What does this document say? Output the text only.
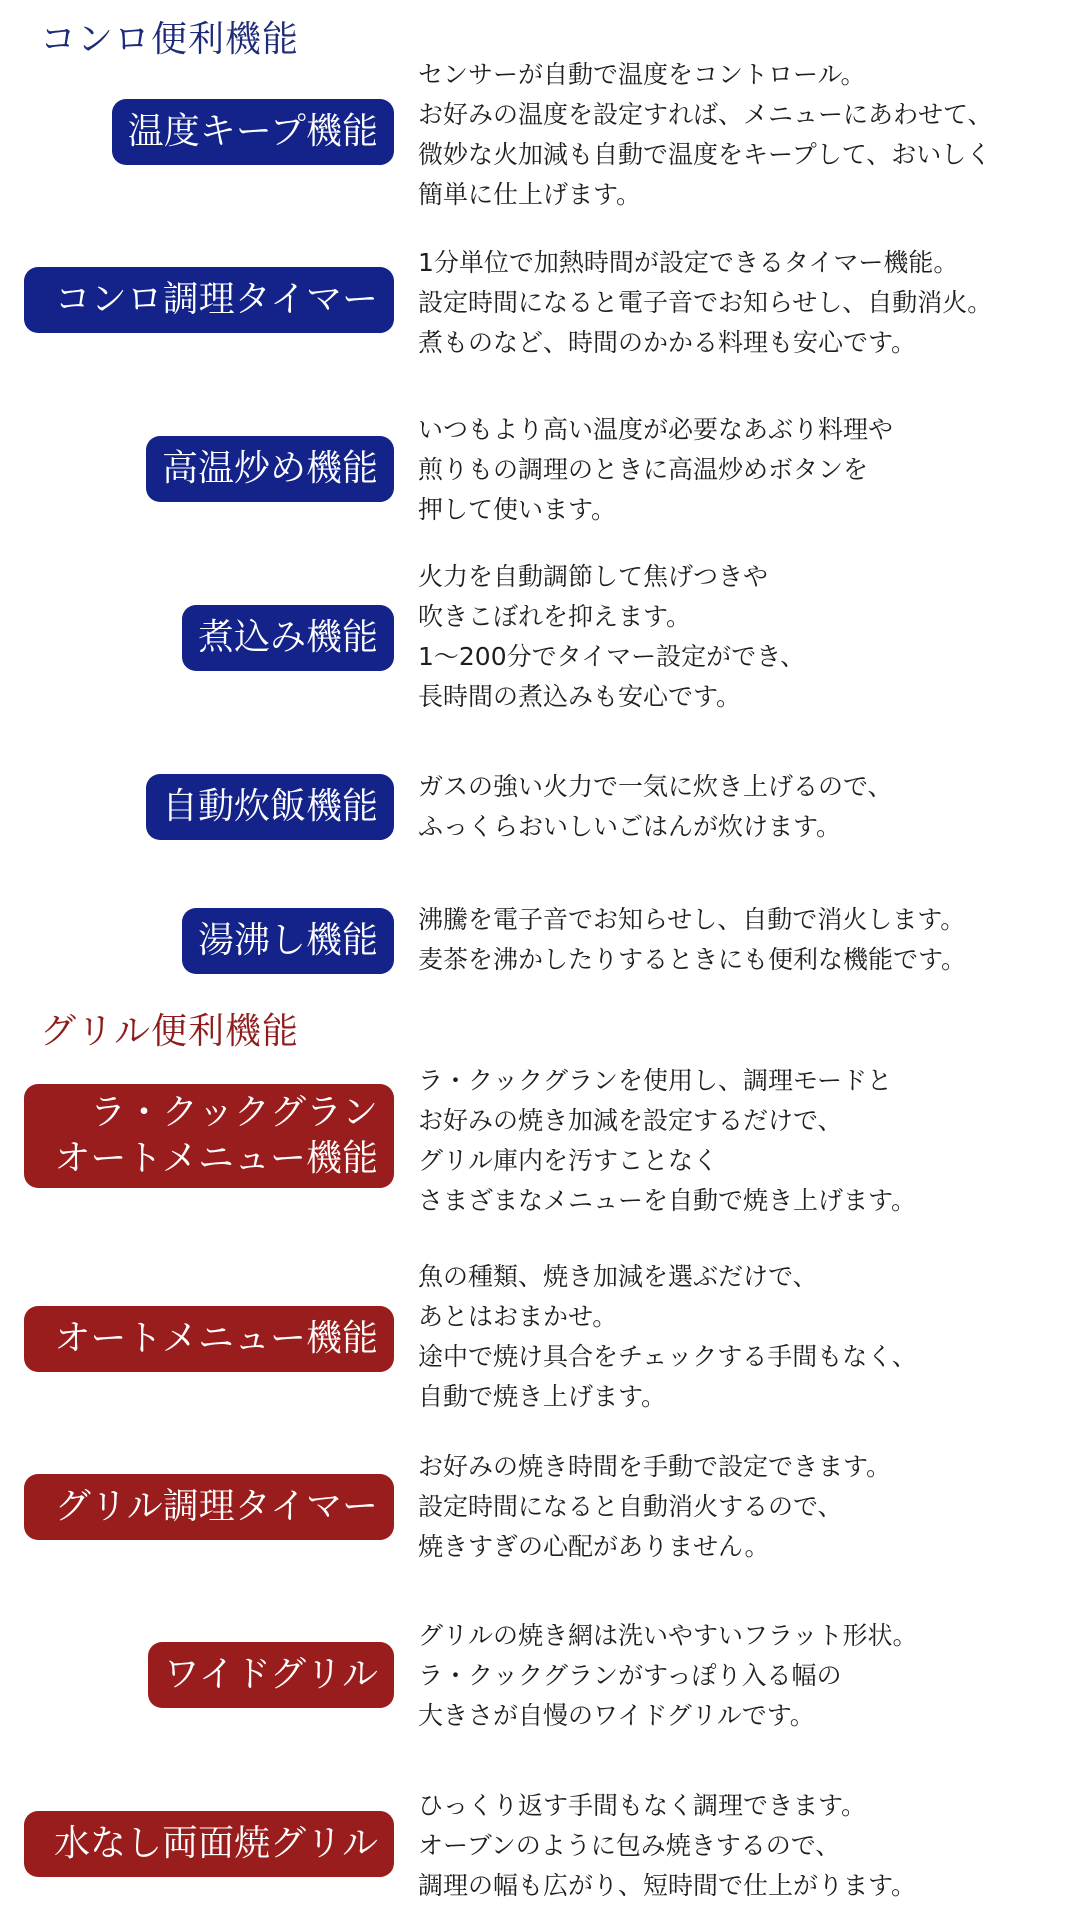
コンロ便利機能
温度キープ機能
センサーが自動で温度をコントロール。
お好みの温度を設定すれば、メニューにあわせて、
微妙な火加減も自動で温度をキープして、おいしく
簡単に仕上げます。
コンロ調理タイマー
1分単位で加熱時間が設定できるタイマー機能。
設定時間になると電子音でお知らせし、自動消火。
煮ものなど、時間のかかる料理も安心です。
高温炒め機能
いつもより高い温度が必要なあぶり料理や
煎りもの調理のときに高温炒めボタンを
押して使います。
煮込み機能
火力を自動調節して焦げつきや
吹きこぼれを抑えます。
1～200分でタイマー設定ができ、
長時間の煮込みも安心です。
自動炊飯機能	ガスの強い火力で一気に炊き上げるので、
ふっくらおいしいごはんが炊けます。
湯沸し機能
沸騰を電子音でお知らせし、自動で消火します。
麦茶を沸かしたりするときにも便利な機能です。
グリル便利機能
ラ・クックグラン
オートメニュー機能
ラ・クックグランを使用し、調理モードと
お好みの焼き加減を設定するだけで、
グリル庫内を汚すことなく
さまざまなメニューを自動で焼き上げます。
オートメニュー機能
魚の種類、焼き加減を選ぶだけで、
あとはおまかせ。
途中で焼け具合をチェックする手間もなく、
自動で焼き上げます。
グリル調理タイマー
お好みの焼き時間を手動で設定できます。
設定時間になると自動消火するので、
焼きすぎの心配がありません。
ワイドグリル
グリルの焼き網は洗いやすいフラット形状。
ラ・クックグランがすっぽり入る幅の
大きさが自慢のワイドグリルです。
水なし両面焼グリル
ひっくり返す手間もなく調理できます。
オーブンのように包み焼きするので、
調理の幅も広がり、短時間で仕上がります。
